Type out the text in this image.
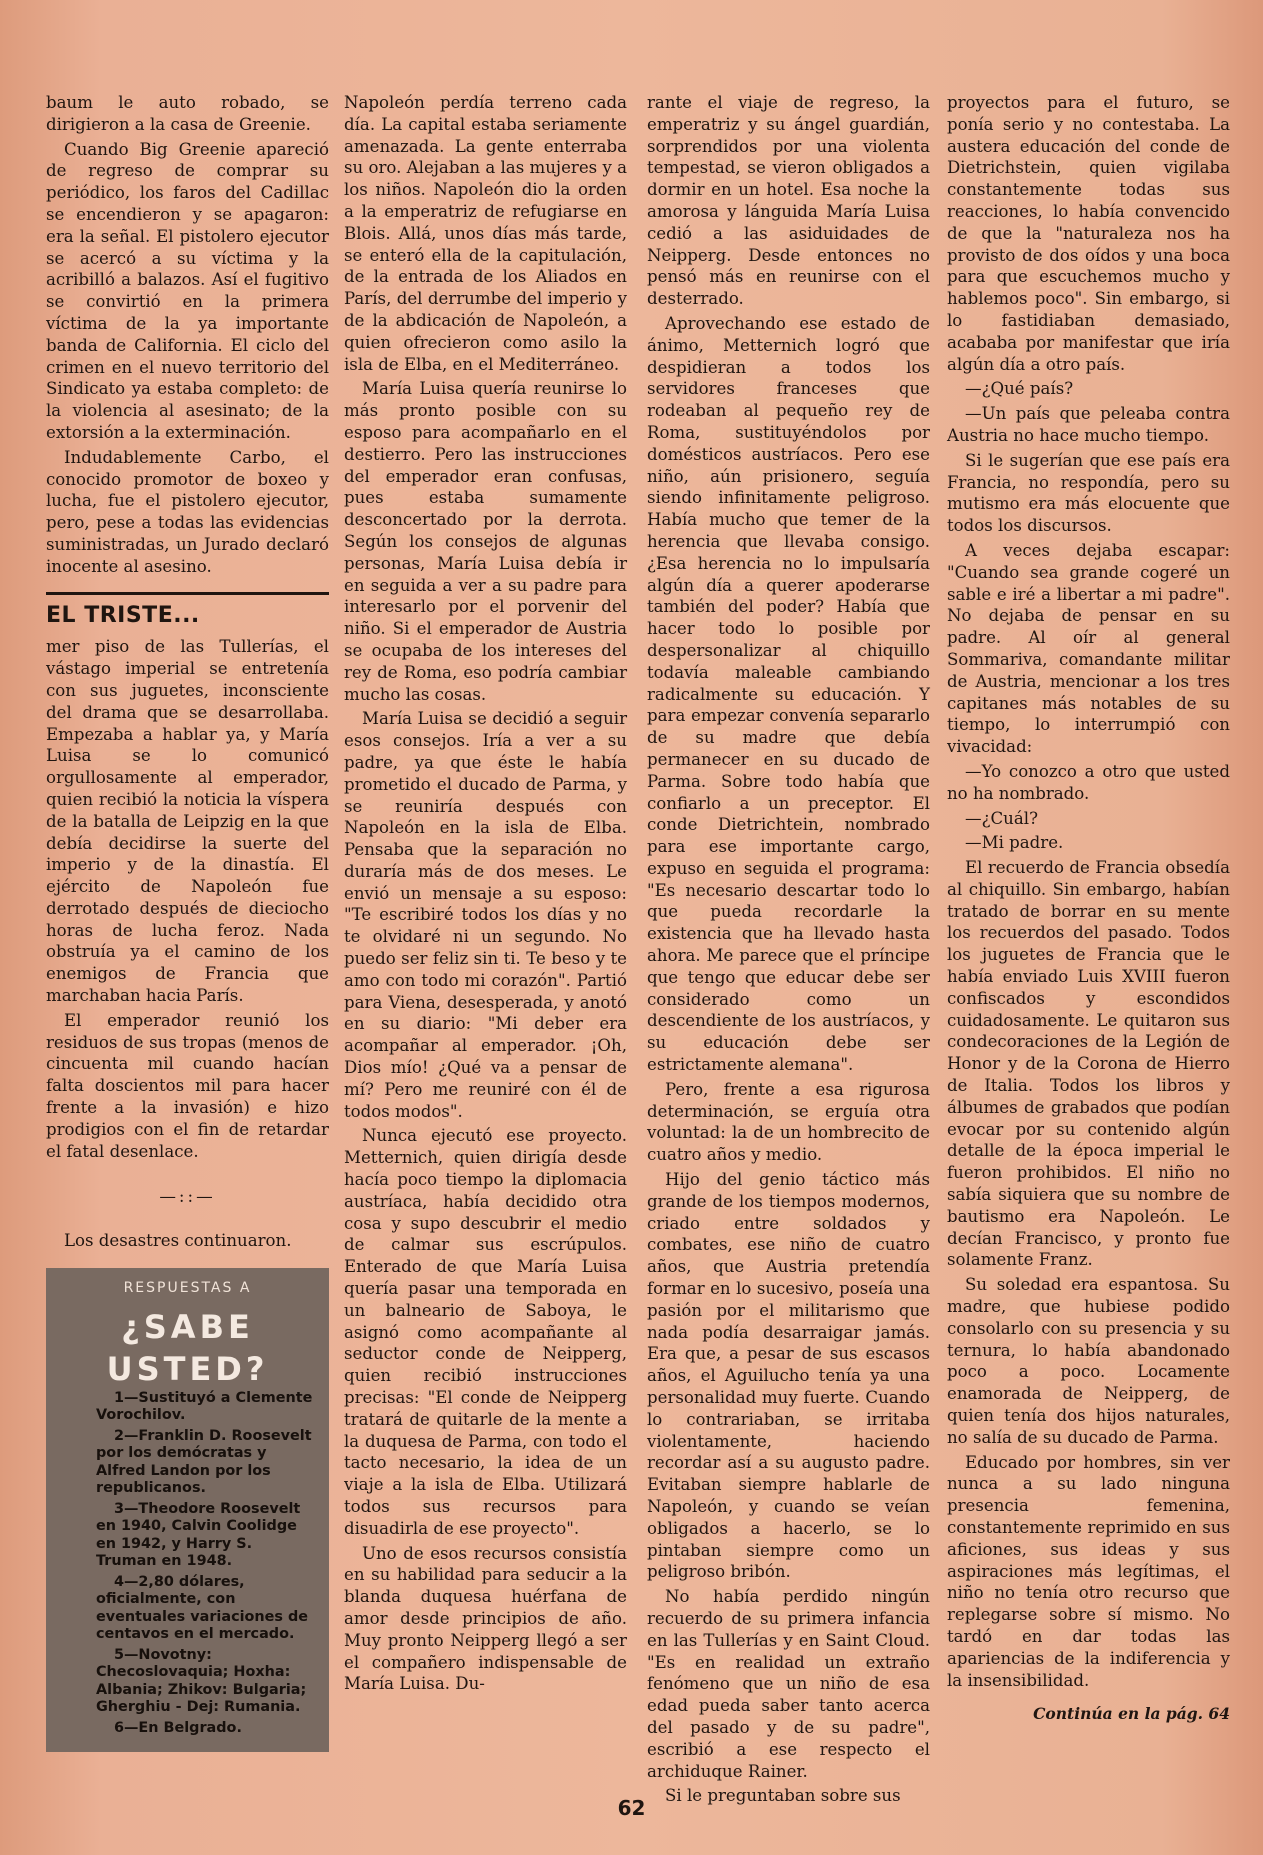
baum le auto robado, se dirigieron a la casa de Greenie.

Cuando Big Greenie apareció de regreso de comprar su periódico, los faros del Cadillac se encendieron y se apagaron: era la señal. El pistolero ejecutor se acercó a su víctima y la acribilló a balazos. Así el fugitivo se convirtió en la primera víctima de la ya importante banda de California. El ciclo del crimen en el nuevo territorio del Sindicato ya estaba completo: de la violencia al asesinato; de la extorsión a la exterminación.

Indudablemente Carbo, el conocido promotor de boxeo y lucha, fue el pistolero ejecutor, pero, pese a todas las evidencias suministradas, un Jurado declaró inocente al asesino.

EL TRISTE...

mer piso de las Tullerías, el vástago imperial se entretenía con sus juguetes, inconsciente del drama que se desarrollaba. Empezaba a hablar ya, y María Luisa se lo comunicó orgullosamente al emperador, quien recibió la noticia la víspera de la batalla de Leipzig en la que debía decidirse la suerte del imperio y de la dinastía. El ejército de Napoleón fue derrotado después de dieciocho horas de lucha feroz. Nada obstruía ya el camino de los enemigos de Francia que marchaban hacia París.

El emperador reunió los residuos de sus tropas (menos de cincuenta mil cuando hacían falta doscientos mil para hacer frente a la invasión) e hizo prodigios con el fin de retardar el fatal desenlace.

—::—

Los desastres continuaron.

RESPUESTAS A
¿SABE
USTED?

1—Sustituyó a Clemente Vorochilov.

2—Franklin D. Roosevelt por los demócratas y Alfred Landon por los republicanos.

3—Theodore Roosevelt en 1940, Calvin Coolidge en 1942, y Harry S. Truman en 1948.

4—2,80 dólares, oficialmente, con eventuales variaciones de centavos en el mercado.

5—Novotny: Checoslovaquia; Hoxha: Albania; Zhikov: Bulgaria; Gherghiu - Dej: Rumania.

6—En Belgrado.

Napoleón perdía terreno cada día. La capital estaba seriamente amenazada. La gente enterraba su oro. Alejaban a las mujeres y a los niños. Napoleón dio la orden a la emperatriz de refugiarse en Blois. Allá, unos días más tarde, se enteró ella de la capitulación, de la entrada de los Aliados en París, del derrumbe del imperio y de la abdicación de Napoleón, a quien ofrecieron como asilo la isla de Elba, en el Mediterráneo.

María Luisa quería reunirse lo más pronto posible con su esposo para acompañarlo en el destierro. Pero las instrucciones del emperador eran confusas, pues estaba sumamente desconcertado por la derrota. Según los consejos de algunas personas, María Luisa debía ir en seguida a ver a su padre para interesarlo por el porvenir del niño. Si el emperador de Austria se ocupaba de los intereses del rey de Roma, eso podría cambiar mucho las cosas.

María Luisa se decidió a seguir esos consejos. Iría a ver a su padre, ya que éste le había prometido el ducado de Parma, y se reuniría después con Napoleón en la isla de Elba. Pensaba que la separación no duraría más de dos meses. Le envió un mensaje a su esposo: "Te escribiré todos los días y no te olvidaré ni un segundo. No puedo ser feliz sin ti. Te beso y te amo con todo mi corazón". Partió para Viena, desesperada, y anotó en su diario: "Mi deber era acompañar al emperador. ¡Oh, Dios mío! ¿Qué va a pensar de mí? Pero me reuniré con él de todos modos".

Nunca ejecutó ese proyecto. Metternich, quien dirigía desde hacía poco tiempo la diplomacia austríaca, había decidido otra cosa y supo descubrir el medio de calmar sus escrúpulos. Enterado de que María Luisa quería pasar una temporada en un balneario de Saboya, le asignó como acompañante al seductor conde de Neipperg, quien recibió instrucciones precisas: "El conde de Neipperg tratará de quitarle de la mente a la duquesa de Parma, con todo el tacto necesario, la idea de un viaje a la isla de Elba. Utilizará todos sus recursos para disuadirla de ese proyecto".

Uno de esos recursos consistía en su habilidad para seducir a la blanda duquesa huérfana de amor desde principios de año. Muy pronto Neipperg llegó a ser el compañero indispensable de María Luisa. Du-

rante el viaje de regreso, la emperatriz y su ángel guardián, sorprendidos por una violenta tempestad, se vieron obligados a dormir en un hotel. Esa noche la amorosa y lánguida María Luisa cedió a las asiduidades de Neipperg. Desde entonces no pensó más en reunirse con el desterrado.

Aprovechando ese estado de ánimo, Metternich logró que despidieran a todos los servidores franceses que rodeaban al pequeño rey de Roma, sustituyéndolos por domésticos austríacos. Pero ese niño, aún prisionero, seguía siendo infinitamente peligroso. Había mucho que temer de la herencia que llevaba consigo. ¿Esa herencia no lo impulsaría algún día a querer apoderarse también del poder? Había que hacer todo lo posible por despersonalizar al chiquillo todavía maleable cambiando radicalmente su educación. Y para empezar convenía separarlo de su madre que debía permanecer en su ducado de Parma. Sobre todo había que confiarlo a un preceptor. El conde Dietrichtein, nombrado para ese importante cargo, expuso en seguida el programa: "Es necesario descartar todo lo que pueda recordarle la existencia que ha llevado hasta ahora. Me parece que el príncipe que tengo que educar debe ser considerado como un descendiente de los austríacos, y su educación debe ser estrictamente alemana".

Pero, frente a esa rigurosa determinación, se erguía otra voluntad: la de un hombrecito de cuatro años y medio.

Hijo del genio táctico más grande de los tiempos modernos, criado entre soldados y combates, ese niño de cuatro años, que Austria pretendía formar en lo sucesivo, poseía una pasión por el militarismo que nada podía desarraigar jamás. Era que, a pesar de sus escasos años, el Aguilucho tenía ya una personalidad muy fuerte. Cuando lo contrariaban, se irritaba violentamente, haciendo recordar así a su augusto padre. Evitaban siempre hablarle de Napoleón, y cuando se veían obligados a hacerlo, se lo pintaban siempre como un peligroso bribón.

No había perdido ningún recuerdo de su primera infancia en las Tullerías y en Saint Cloud. "Es en realidad un extraño fenómeno que un niño de esa edad pueda saber tanto acerca del pasado y de su padre", escribió a ese respecto el archiduque Rainer.

Si le preguntaban sobre sus

proyectos para el futuro, se ponía serio y no contestaba. La austera educación del conde de Dietrichstein, quien vigilaba constantemente todas sus reacciones, lo había convencido de que la "naturaleza nos ha provisto de dos oídos y una boca para que escuchemos mucho y hablemos poco". Sin embargo, si lo fastidiaban demasiado, acababa por manifestar que iría algún día a otro país.

—¿Qué país?

—Un país que peleaba contra Austria no hace mucho tiempo.

Si le sugerían que ese país era Francia, no respondía, pero su mutismo era más elocuente que todos los discursos.

A veces dejaba escapar: "Cuando sea grande cogeré un sable e iré a libertar a mi padre". No dejaba de pensar en su padre. Al oír al general Sommariva, comandante militar de Austria, mencionar a los tres capitanes más notables de su tiempo, lo interrumpió con vivacidad:

—Yo conozco a otro que usted no ha nombrado.

—¿Cuál?

—Mi padre.

El recuerdo de Francia obsedía al chiquillo. Sin embargo, habían tratado de borrar en su mente los recuerdos del pasado. Todos los juguetes de Francia que le había enviado Luis XVIII fueron confiscados y escondidos cuidadosamente. Le quitaron sus condecoraciones de la Legión de Honor y de la Corona de Hierro de Italia. Todos los libros y álbumes de grabados que podían evocar por su contenido algún detalle de la época imperial le fueron prohibidos. El niño no sabía siquiera que su nombre de bautismo era Napoleón. Le decían Francisco, y pronto fue solamente Franz.

Su soledad era espantosa. Su madre, que hubiese podido consolarlo con su presencia y su ternura, lo había abandonado poco a poco. Locamente enamorada de Neipperg, de quien tenía dos hijos naturales, no salía de su ducado de Parma.

Educado por hombres, sin ver nunca a su lado ninguna presencia femenina, constantemente reprimido en sus aficiones, sus ideas y sus aspiraciones más legítimas, el niño no tenía otro recurso que replegarse sobre sí mismo. No tardó en dar todas las apariencias de la indiferencia y la insensibilidad.

Continúa en la pág. 64
62
